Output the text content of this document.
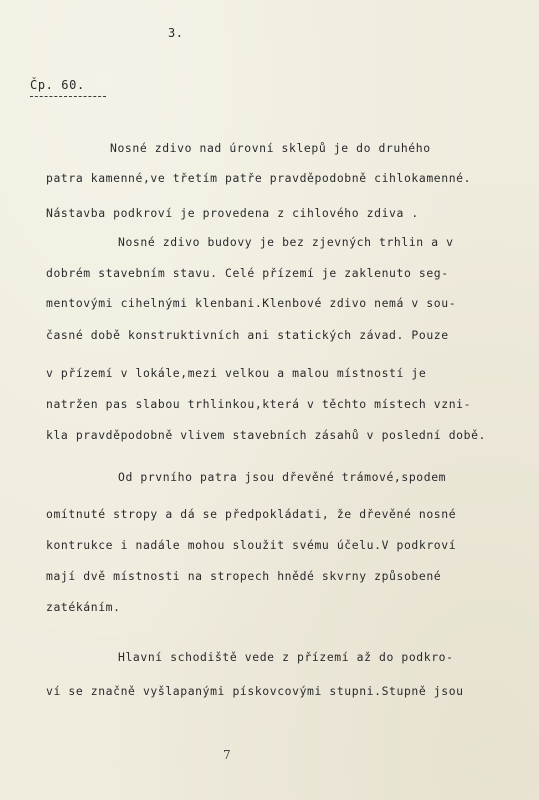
3.
Čp. 60.
Nosné zdivo nad úrovní sklepů je do druhého
patra kamenné,ve třetím patře pravděpodobně cihlokamenné.
Nástavba podkroví je provedena z cihlového zdiva .
Nosné zdivo budovy je bez zjevných trhlin a v
dobrém stavebním stavu. Celé přízemí je zaklenuto seg-
mentovými cihelnými klenbani.Klenbové zdivo nemá v sou-
časné době konstruktivních ani statických závad. Pouze
v přízemí v lokále,mezi velkou a malou místností je
natržen pas slabou trhlinkou,která v těchto místech vzni-
kla pravděpodobně vlivem stavebních zásahů v poslední době.
Od prvního patra jsou dřevěné trámové,spodem
omítnuté stropy a dá se předpokládati, že dřevěné nosné
kontrukce i nadále mohou sloužit svému účelu.V podkroví
mají dvě místnosti na stropech hnědé skvrny způsobené
zatékáním.
Hlavní schodiště vede z přízemí až do podkro-
ví se značně vyšlapanými pískovcovými stupni.Stupně jsou
7
